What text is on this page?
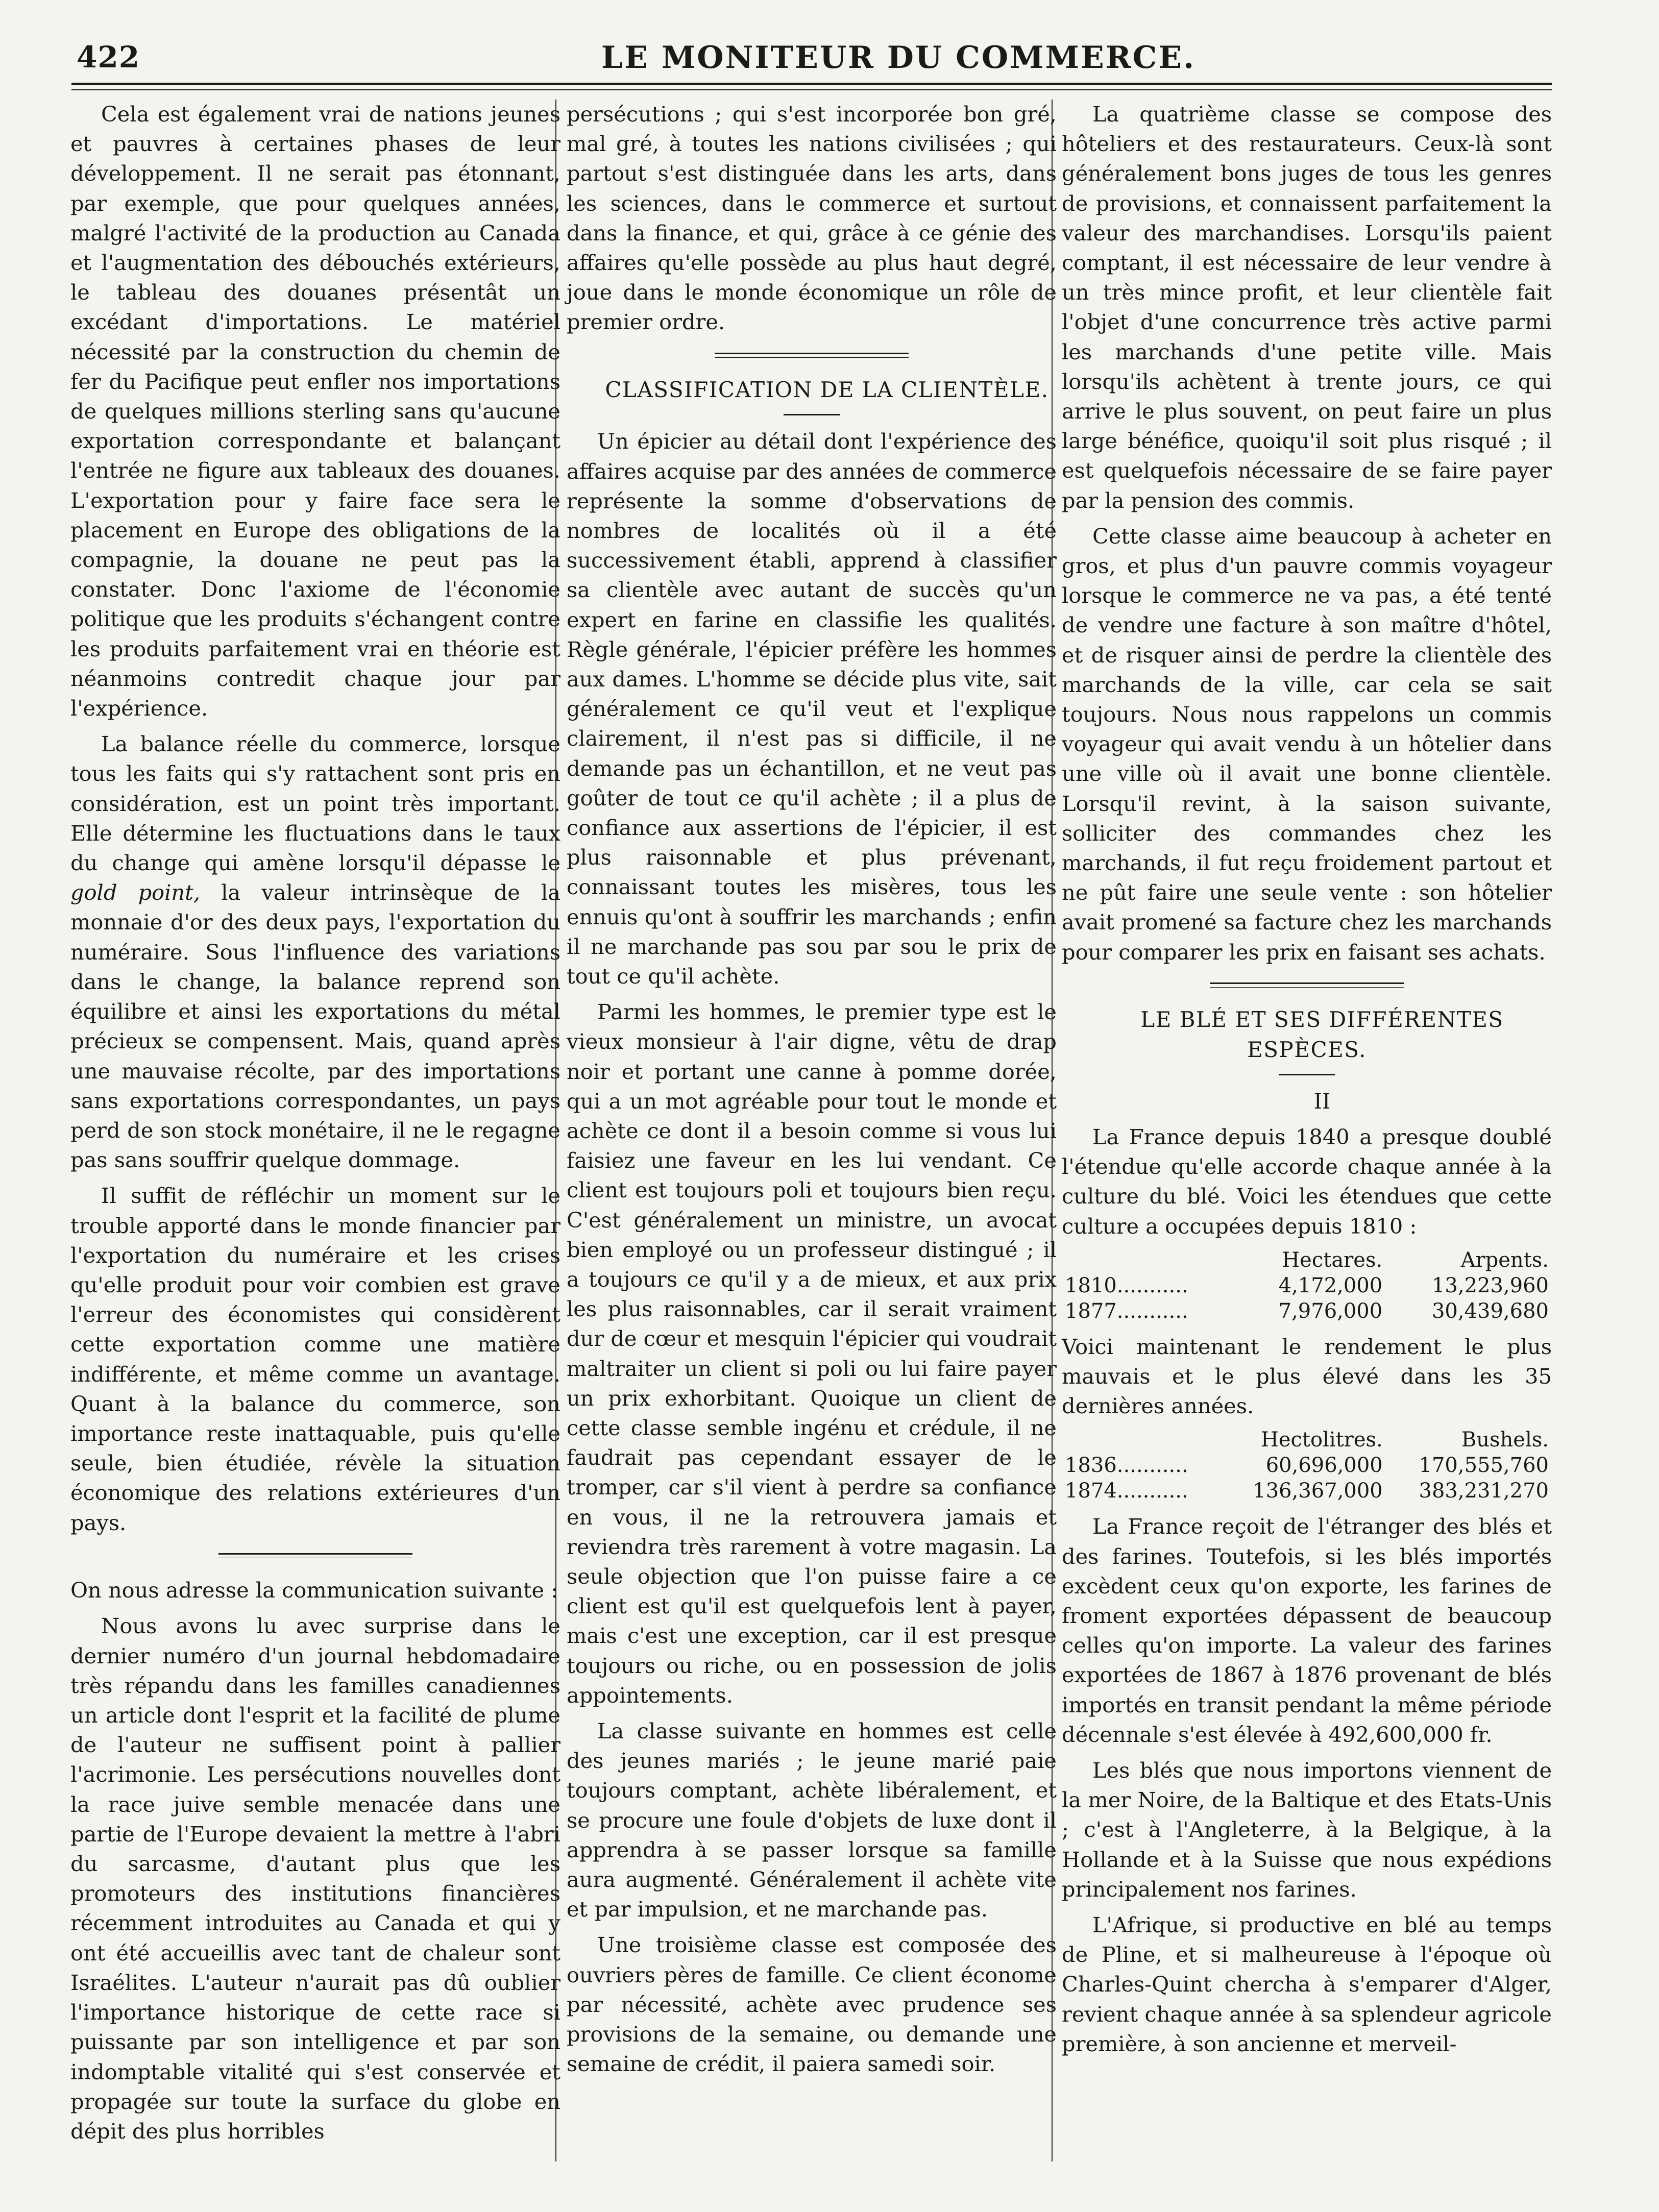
422	LE MONITEUR DU COMMERCE.

Cela est également vrai de nations jeunes et pauvres à certaines phases de leur développement. Il ne serait pas étonnant, par exemple, que pour quelques années, malgré l'activité de la production au Canada et l'augmentation des débouchés extérieurs, le tableau des douanes présentât un excédant d'importations. Le matériel nécessité par la construction du chemin de fer du Pacifique peut enfler nos importations de quelques millions sterling sans qu'aucune exportation correspondante et balançant l'entrée ne figure aux tableaux des douanes. L'exportation pour y faire face sera le placement en Europe des obligations de la compagnie, la douane ne peut pas la constater. Donc l'axiome de l'économie politique que les produits s'échangent contre les produits parfaitement vrai en théorie est néanmoins contredit chaque jour par l'expérience.

La balance réelle du commerce, lorsque tous les faits qui s'y rattachent sont pris en considération, est un point très important. Elle détermine les fluctuations dans le taux du change qui amène lorsqu'il dépasse le gold point, la valeur intrinsèque de la monnaie d'or des deux pays, l'exportation du numéraire. Sous l'influence des variations dans le change, la balance reprend son équilibre et ainsi les exportations du métal précieux se compensent. Mais, quand après une mauvaise récolte, par des importations sans exportations correspondantes, un pays perd de son stock monétaire, il ne le regagne pas sans souffrir quelque dommage.

Il suffit de réfléchir un moment sur le trouble apporté dans le monde financier par l'exportation du numéraire et les crises qu'elle produit pour voir combien est grave l'erreur des économistes qui considèrent cette exportation comme une matière indifférente, et même comme un avantage. Quant à la balance du commerce, son importance reste inattaquable, puis qu'elle seule, bien étudiée, révèle la situation économique des relations extérieures d'un pays.

On nous adresse la communication suivante :

Nous avons lu avec surprise dans le dernier numéro d'un journal hebdomadaire très répandu dans les familles canadiennes un article dont l'esprit et la facilité de plume de l'auteur ne suffisent point à pallier l'acrimonie. Les persécutions nouvelles dont la race juive semble menacée dans une partie de l'Europe devaient la mettre à l'abri du sarcasme, d'autant plus que les promoteurs des institutions financières récemment introduites au Canada et qui y ont été accueillis avec tant de chaleur sont Israélites. L'auteur n'aurait pas dû oublier l'importance historique de cette race si puissante par son intelligence et par son indomptable vitalité qui s'est conservée et propagée sur toute la surface du globe en dépit des plus horribles

persécutions ; qui s'est incorporée bon gré, mal gré, à toutes les nations civilisées ; qui partout s'est distinguée dans les arts, dans les sciences, dans le commerce et surtout dans la finance, et qui, grâce à ce génie des affaires qu'elle possède au plus haut degré, joue dans le monde économique un rôle de premier ordre.

CLASSIFICATION DE LA CLIENTÈLE.

Un épicier au détail dont l'expérience des affaires acquise par des années de commerce représente la somme d'observations de nombres de localités où il a été successivement établi, apprend à classifier sa clientèle avec autant de succès qu'un expert en farine en classifie les qualités. Règle générale, l'épicier préfère les hommes aux dames. L'homme se décide plus vite, sait généralement ce qu'il veut et l'explique clairement, il n'est pas si difficile, il ne demande pas un échantillon, et ne veut pas goûter de tout ce qu'il achète ; il a plus de confiance aux assertions de l'épicier, il est plus raisonnable et plus prévenant, connaissant toutes les misères, tous les ennuis qu'ont à souffrir les marchands ; enfin il ne marchande pas sou par sou le prix de tout ce qu'il achète.

Parmi les hommes, le premier type est le vieux monsieur à l'air digne, vêtu de drap noir et portant une canne à pomme dorée, qui a un mot agréable pour tout le monde et achète ce dont il a besoin comme si vous lui faisiez une faveur en les lui vendant. Ce client est toujours poli et toujours bien reçu. C'est généralement un ministre, un avocat bien employé ou un professeur distingué ; il a toujours ce qu'il y a de mieux, et aux prix les plus raisonnables, car il serait vraiment dur de cœur et mesquin l'épicier qui voudrait maltraiter un client si poli ou lui faire payer un prix exhorbitant. Quoique un client de cette classe semble ingénu et crédule, il ne faudrait pas cependant essayer de le tromper, car s'il vient à perdre sa confiance en vous, il ne la retrouvera jamais et reviendra très rarement à votre magasin. La seule objection que l'on puisse faire a ce client est qu'il est quelquefois lent à payer, mais c'est une exception, car il est presque toujours ou riche, ou en possession de jolis appointements.

La classe suivante en hommes est celle des jeunes mariés ; le jeune marié paie toujours comptant, achète libéralement, et se procure une foule d'objets de luxe dont il apprendra à se passer lorsque sa famille aura augmenté. Généralement il achète vite et par impulsion, et ne marchande pas.

Une troisième classe est composée des ouvriers pères de famille. Ce client économe par nécessité, achète avec prudence ses provisions de la semaine, ou demande une semaine de crédit, il paiera samedi soir.

La quatrième classe se compose des hôteliers et des restaurateurs. Ceux-là sont généralement bons juges de tous les genres de provisions, et connaissent parfaitement la valeur des marchandises. Lorsqu'ils paient comptant, il est nécessaire de leur vendre à un très mince profit, et leur clientèle fait l'objet d'une concurrence très active parmi les marchands d'une petite ville. Mais lorsqu'ils achètent à trente jours, ce qui arrive le plus souvent, on peut faire un plus large bénéfice, quoiqu'il soit plus risqué ; il est quelquefois nécessaire de se faire payer par la pension des commis.

Cette classe aime beaucoup à acheter en gros, et plus d'un pauvre commis voyageur lorsque le commerce ne va pas, a été tenté de vendre une facture à son maître d'hôtel, et de risquer ainsi de perdre la clientèle des marchands de la ville, car cela se sait toujours. Nous nous rappelons un commis voyageur qui avait vendu à un hôtelier dans une ville où il avait une bonne clientèle. Lorsqu'il revint, à la saison suivante, solliciter des commandes chez les marchands, il fut reçu froidement partout et ne pût faire une seule vente : son hôtelier avait promené sa facture chez les marchands pour comparer les prix en faisant ses achats.

LE BLÉ ET SES DIFFÉRENTES ESPÈCES.

II

La France depuis 1840 a presque doublé l'étendue qu'elle accorde chaque année à la culture du blé. Voici les étendues que cette culture a occupées depuis 1810 :

	Hectares.	Arpents.
1810...........	4,172,000	13,223,960
1877...........	7,976,000	30,439,680

Voici maintenant le rendement le plus mauvais et le plus élevé dans les 35 dernières années.

	Hectolitres.	Bushels.
1836...........	60,696,000	170,555,760
1874...........	136,367,000	383,231,270

La France reçoit de l'étranger des blés et des farines. Toutefois, si les blés importés excèdent ceux qu'on exporte, les farines de froment exportées dépassent de beaucoup celles qu'on importe. La valeur des farines exportées de 1867 à 1876 provenant de blés importés en transit pendant la même période décennale s'est élevée à 492,600,000 fr.

Les blés que nous importons viennent de la mer Noire, de la Baltique et des Etats-Unis ; c'est à l'Angleterre, à la Belgique, à la Hollande et à la Suisse que nous expédions principalement nos farines.

L'Afrique, si productive en blé au temps de Pline, et si malheureuse à l'époque où Charles-Quint chercha à s'emparer d'Alger, revient chaque année à sa splendeur agricole première, à son ancienne et merveil-
